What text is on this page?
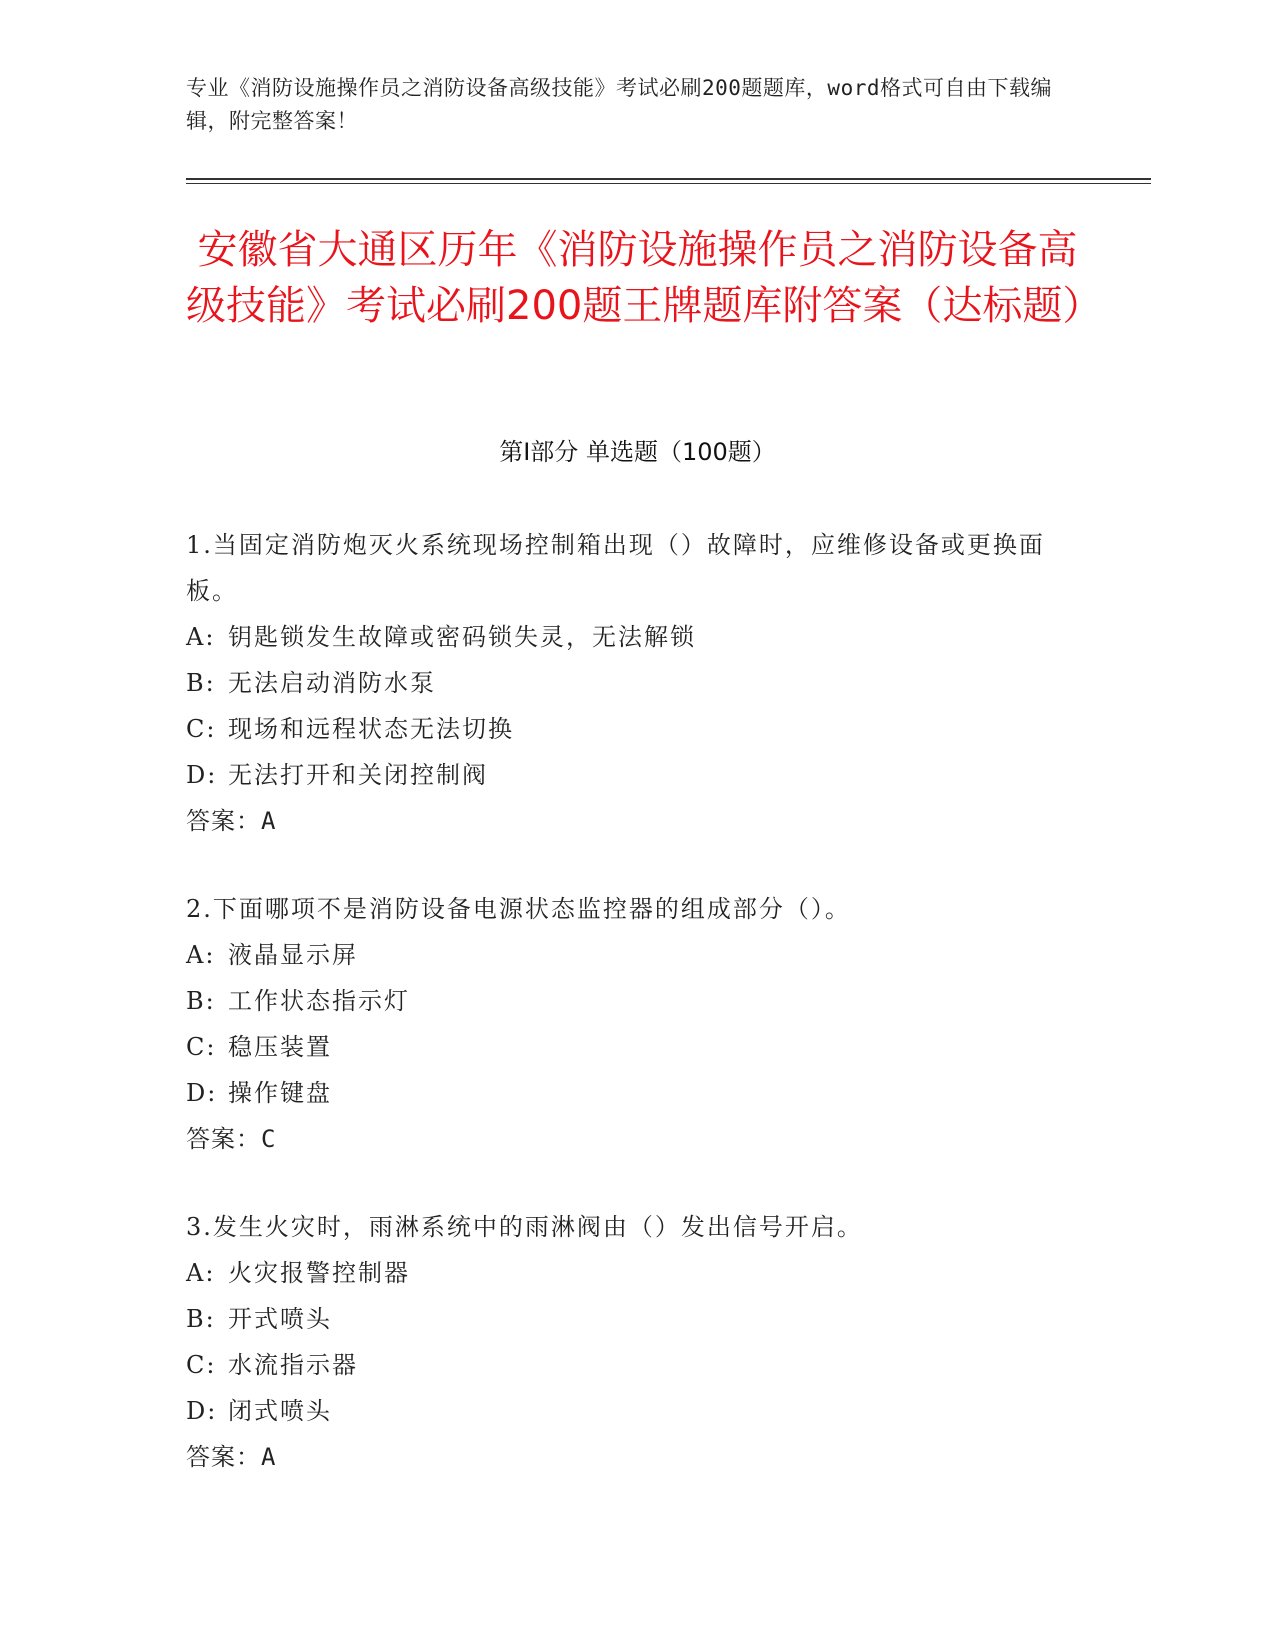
专业《消防设施操作员之消防设备高级技能》考试必刷200题题库，word格式可自由下载编辑，附完整答案！
安徽省大通区历年《消防设施操作员之消防设备高级技能》考试必刷200题王牌题库附答案（达标题）
第Ⅰ部分 单选题（100题）

1.当固定消防炮灭火系统现场控制箱出现（）故障时，应维修设备或更换面板。

A: 钥匙锁发生故障或密码锁失灵，无法解锁

B: 无法启动消防水泵

C: 现场和远程状态无法切换

D: 无法打开和关闭控制阀

答案：A

2.下面哪项不是消防设备电源状态监控器的组成部分（）。

A: 液晶显示屏

B: 工作状态指示灯

C: 稳压装置

D: 操作键盘

答案：C

3.发生火灾时，雨淋系统中的雨淋阀由（）发出信号开启。

A: 火灾报警控制器

B: 开式喷头

C: 水流指示器

D: 闭式喷头

答案：A
